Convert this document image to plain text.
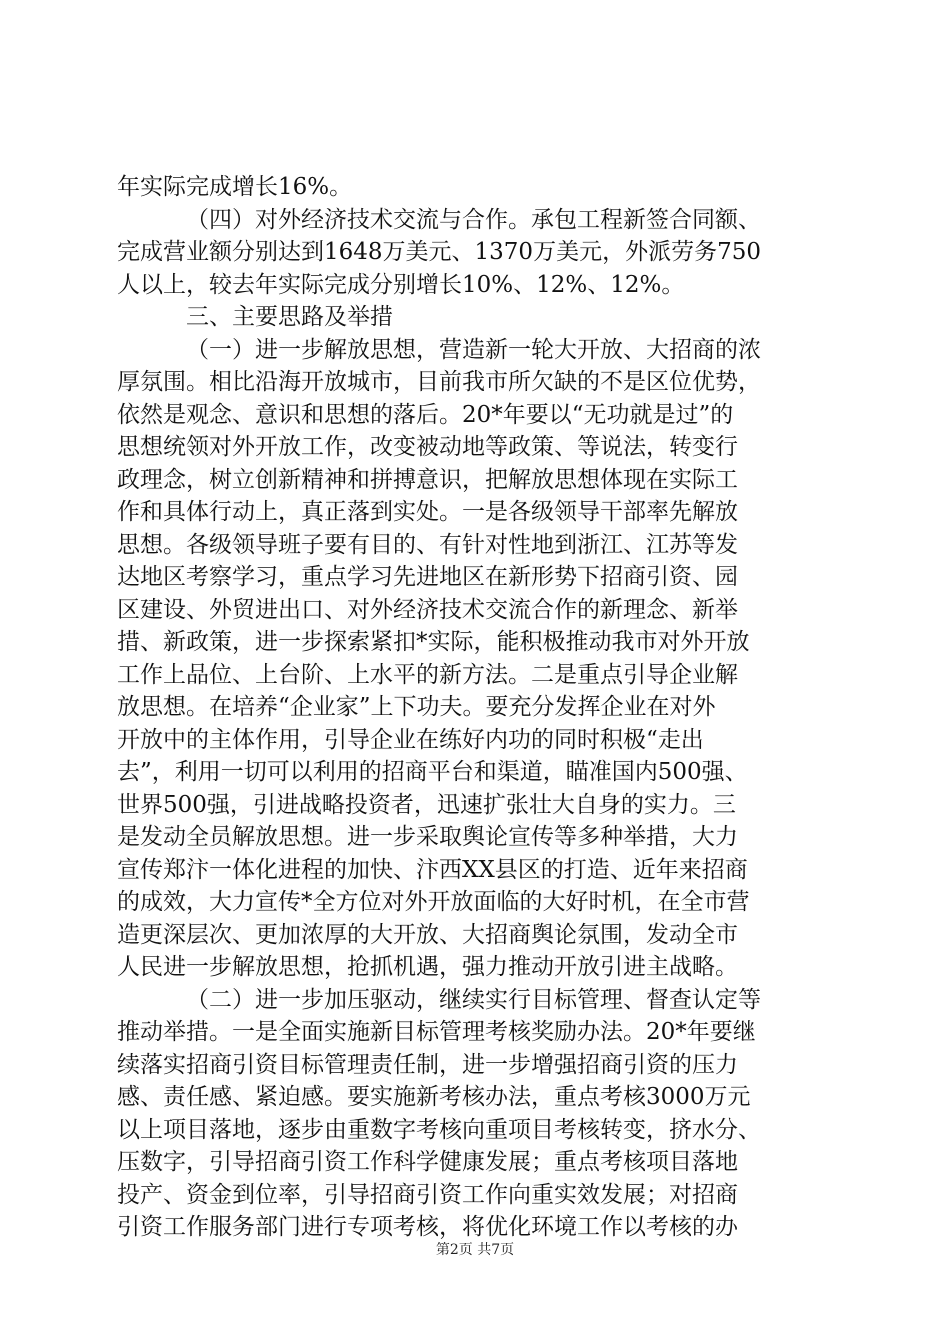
年实际完成增长16%。
（四）对外经济技术交流与合作。承包工程新签合同额、
完成营业额分别达到1648万美元、1370万美元，外派劳务750
人以上，较去年实际完成分别增长10%、12%、12%。
三、主要思路及举措
（一）进一步解放思想，营造新一轮大开放、大招商的浓
厚氛围。相比沿海开放城市，目前我市所欠缺的不是区位优势，
依然是观念、意识和思想的落后。20*年要以“无功就是过”的
思想统领对外开放工作，改变被动地等政策、等说法，转变行
政理念，树立创新精神和拼搏意识，把解放思想体现在实际工
作和具体行动上，真正落到实处。一是各级领导干部率先解放
思想。各级领导班子要有目的、有针对性地到浙江、江苏等发
达地区考察学习，重点学习先进地区在新形势下招商引资、园
区建设、外贸进出口、对外经济技术交流合作的新理念、新举
措、新政策，进一步探索紧扣*实际，能积极推动我市对外开放
工作上品位、上台阶、上水平的新方法。二是重点引导企业解
放思想。在培养“企业家”上下功夫。要充分发挥企业在对外
开放中的主体作用，引导企业在练好内功的同时积极“走出
去”，利用一切可以利用的招商平台和渠道，瞄准国内500强、
世界500强，引进战略投资者，迅速扩张壮大自身的实力。三
是发动全员解放思想。进一步采取舆论宣传等多种举措，大力
宣传郑汴一体化进程的加快、汴西XX县区的打造、近年来招商
的成效，大力宣传*全方位对外开放面临的大好时机，在全市营
造更深层次、更加浓厚的大开放、大招商舆论氛围，发动全市
人民进一步解放思想，抢抓机遇，强力推动开放引进主战略。
（二）进一步加压驱动，继续实行目标管理、督查认定等
推动举措。一是全面实施新目标管理考核奖励办法。20*年要继
续落实招商引资目标管理责任制，进一步增强招商引资的压力
感、责任感、紧迫感。要实施新考核办法，重点考核3000万元
以上项目落地，逐步由重数字考核向重项目考核转变，挤水分、
压数字，引导招商引资工作科学健康发展；重点考核项目落地
投产、资金到位率，引导招商引资工作向重实效发展；对招商
引资工作服务部门进行专项考核，将优化环境工作以考核的办
第2页 共7页
